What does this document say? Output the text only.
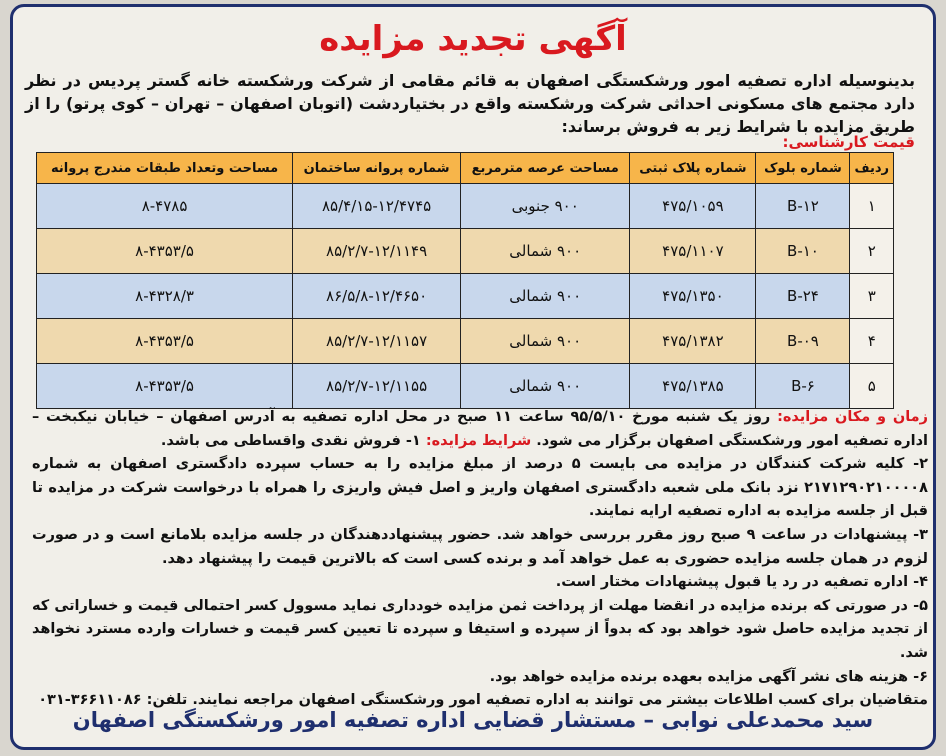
آگهی تجدید مزایده
بدینوسیله اداره تصفیه امور ورشکستگی اصفهان به قائم مقامی از شرکت ورشکسته خانه گستر پردیس در نظر دارد مجتمع های مسکونی احداثی شرکت ورشکسته واقع در بختیاردشت (اتوبان اصفهان – تهران – کوی پرتو) را از طریق مزایده با شرایط زیر به فروش برساند:
قیمت کارشناسی:
ردیف	شماره بلوک	شماره پلاک ثبتی	مساحت عرصه مترمربع	شماره پروانه ساختمان	مساحت وتعداد طبقات مندرج پروانه
۱	B-۱۲	۴۷۵/۱۰۵۹	۹۰۰ جنوبی	۸۵/۴/۱۵-۱۲/۴۷۴۵	۸-۴۷۸۵
۲	B-۱۰	۴۷۵/۱۱۰۷	۹۰۰ شمالی	۸۵/۲/۷-۱۲/۱۱۴۹	۸-۴۳۵۳/۵
۳	B-۲۴	۴۷۵/۱۳۵۰	۹۰۰ شمالی	۸۶/۵/۸-۱۲/۴۶۵۰	۸-۴۳۲۸/۳
۴	B-۰۹	۴۷۵/۱۳۸۲	۹۰۰ شمالی	۸۵/۲/۷-۱۲/۱۱۵۷	۸-۴۳۵۳/۵
۵	B-۶	۴۷۵/۱۳۸۵	۹۰۰ شمالی	۸۵/۲/۷-۱۲/۱۱۵۵	۸-۴۳۵۳/۵

زمان و مکان مزایده: روز یک شنبه مورخ ۹۵/۵/۱۰ ساعت ۱۱ صبح در محل اداره تصفیه به آدرس اصفهان – خیابان نیکبخت – اداره تصفیه امور ورشکستگی اصفهان برگزار می شود. شرایط مزایده: ۱- فروش نقدی واقساطی می باشد.

۲- کلیه شرکت کنندگان در مزایده می بایست ۵ درصد از مبلغ مزایده را به حساب سپرده دادگستری اصفهان به شماره ۲۱۷۱۲۹۰۲۱۰۰۰۰۸ نزد بانک ملی شعبه دادگستری اصفهان واریز و اصل فیش واریزی را همراه با درخواست شرکت در مزایده تا قبل از جلسه مزایده به اداره تصفیه ارایه نمایند.

۳- پیشنهادات در ساعت ۹ صبح روز مقرر بررسی خواهد شد. حضور پیشنهاددهندگان در جلسه مزایده بلامانع است و در صورت لزوم در همان جلسه مزایده حضوری به عمل خواهد آمد و برنده کسی است که بالاترین قیمت را پیشنهاد دهد.

۴- اداره تصفیه در رد یا قبول پیشنهادات مختار است.

۵- در صورتی که برنده مزایده در انقضا مهلت از پرداخت ثمن مزایده خودداری نماید مسوول کسر احتمالی قیمت و خساراتی که از تجدید مزایده حاصل شود خواهد بود که بدواً از سپرده و استیفا و سپرده تا تعیین کسر قیمت و خسارات وارده مسترد نخواهد شد.

۶- هزینه های نشر آگهی مزایده بعهده برنده مزایده خواهد بود.

متقاضیان برای کسب اطلاعات بیشتر می توانند به اداره تصفیه امور ورشکستگی اصفهان مراجعه نمایند. تلفن: ۳۶۶۱۱۰۸۶-۰۳۱

سید محمدعلی نوابی – مستشار قضایی اداره تصفیه امور ورشکستگی اصفهان
